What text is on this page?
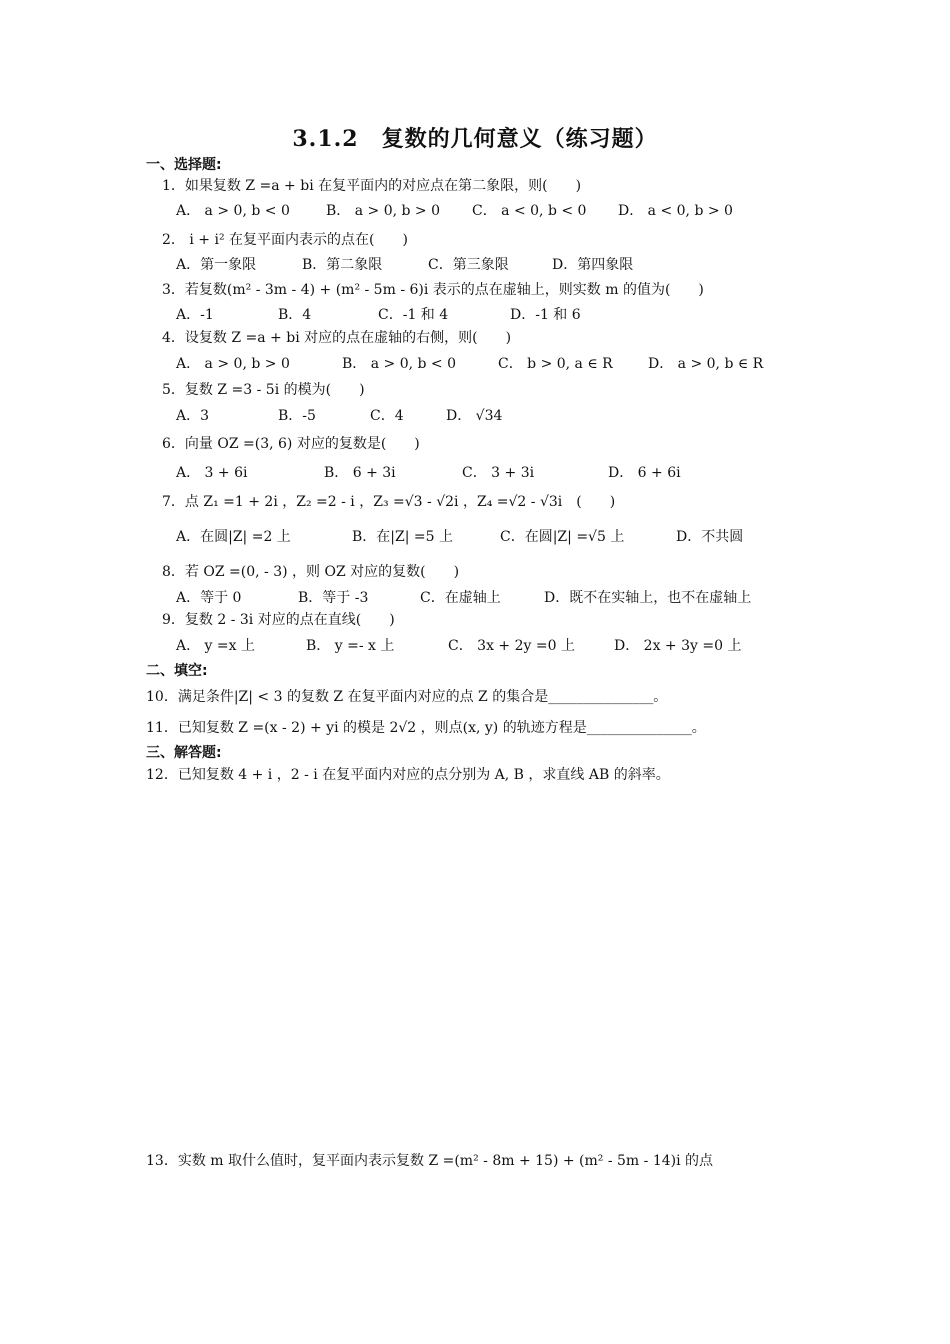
3.1.2　复数的几何意义（练习题）
一、选择题:
1．如果复数 Z =a + bi 在复平面内的对应点在第二象限，则(　　)
A． a > 0, b < 0	B． a > 0, b > 0 C． a < 0, b < 0 D． a < 0, b > 0
2． i + i² 在复平面内表示的点在(　　)
A．第一象限	B．第二象限	C．第三象限	D．第四象限
3．若复数(m² - 3m - 4) + (m² - 5m - 6)i 表示的点在虚轴上，则实数 m 的值为(　　)
A．-1	B．4	C．-1 和 4	D．-1 和 6
4．设复数 Z =a + bi 对应的点在虚轴的右侧，则(　　)
A． a > 0, b > 0	B． a > 0, b < 0	C． b > 0, a ∈ R	D． a > 0, b ∈ R
5．复数 Z =3 - 5i 的模为(　　)
A．3	B．-5	C．4	D． √34
6．向量 OZ =(3, 6) 对应的复数是(　　)
A． 3 + 6i	B． 6 + 3i	C． 3 + 3i	D． 6 + 6i
7．点 Z₁ =1 + 2i ，Z₂ =2 - i ，Z₃ =√3 - √2i ，Z₄ =√2 - √3i　(　　)
A．在圆|Z| =2 上	B．在|Z| =5 上	C．在圆|Z| =√5 上	D．不共圆
8．若 OZ =(0, - 3) ，则 OZ 对应的复数(　　)
A．等于 0	B．等于 -3	C．在虚轴上	D．既不在实轴上，也不在虚轴上
9．复数 2 - 3i 对应的点在直线(　　)
A． y =x 上	B． y =- x 上	C． 3x + 2y =0 上	D． 2x + 3y =0 上
二、填空:
10．满足条件|Z| < 3 的复数 Z 在复平面内对应的点 Z 的集合是_______________。
11．已知复数 Z =(x - 2) + yi 的模是 2√2 ，则点(x, y) 的轨迹方程是_______________。
三、解答题:
12．已知复数 4 + i ，2 - i 在复平面内对应的点分别为 A, B ，求直线 AB 的斜率。
13．实数 m 取什么值时，复平面内表示复数 Z =(m² - 8m + 15) + (m² - 5m - 14)i 的点
